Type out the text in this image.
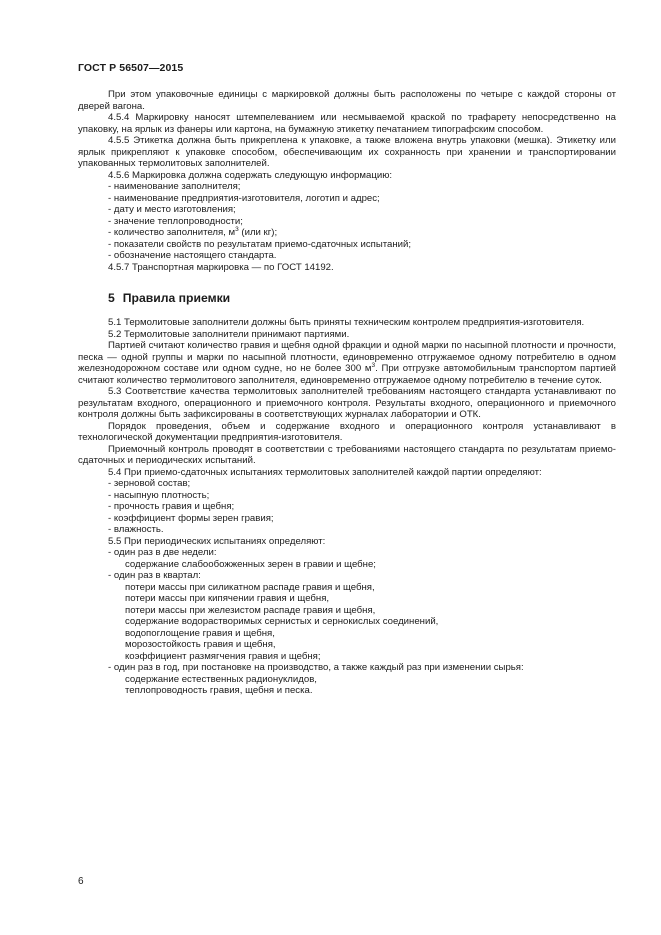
ГОСТ Р 56507—2015

При этом упаковочные единицы с маркировкой должны быть расположены по четыре с каждой стороны от дверей вагона.

4.5.4 Маркировку наносят штемпелеванием или несмываемой краской по трафарету непосредственно на упаковку, на ярлык из фанеры или картона, на бумажную этикетку печатанием типографским способом.

4.5.5 Этикетка должна быть прикреплена к упаковке, а также вложена внутрь упаковки (мешка). Этикетку или ярлык прикрепляют к упаковке способом, обеспечивающим их сохранность при хранении и транспортировании упакованных термолитовых заполнителей.

4.5.6 Маркировка должна содержать следующую информацию:

- наименование заполнителя;

- наименование предприятия-изготовителя, логотип и адрес;

- дату и место изготовления;

- значение теплопроводности;

- количество заполнителя, $м^3$ (или кг);

- показатели свойств по результатам приемо-сдаточных испытаний;

- обозначение настоящего стандарта.

4.5.7 Транспортная маркировка — по ГОСТ 14192.

5 Правила приемки

5.1 Термолитовые заполнители должны быть приняты техническим контролем предприятия-изготовителя.

5.2 Термолитовые заполнители принимают партиями.

Партией считают количество гравия и щебня одной фракции и одной марки по насыпной плотности и прочности, песка — одной группы и марки по насыпной плотности, единовременно отгружаемое одному потребителю в одном железнодорожном составе или одном судне, но не более 300 $м^3$. При отгрузке автомобильным транспортом партией считают количество термолитового заполнителя, единовременно отгружаемое одному потребителю в течение суток.

5.3 Соответствие качества термолитовых заполнителей требованиям настоящего стандарта устанавливают по результатам входного, операционного и приемочного контроля. Результаты входного, операционного и приемочного контроля должны быть зафиксированы в соответствующих журналах лаборатории и ОТК.

Порядок проведения, объем и содержание входного и операционного контроля устанавливают в технологической документации предприятия-изготовителя.

Приемочный контроль проводят в соответствии с требованиями настоящего стандарта по результатам приемо-сдаточных и периодических испытаний.

5.4 При приемо-сдаточных испытаниях термолитовых заполнителей каждой партии определяют:

- зерновой состав;

- насыпную плотность;

- прочность гравия и щебня;

- коэффициент формы зерен гравия;

- влажность.

5.5 При периодических испытаниях определяют:

- один раз в две недели:

содержание слабообожженных зерен в гравии и щебне;

- один раз в квартал:

потери массы при силикатном распаде гравия и щебня,

потери массы при кипячении гравия и щебня,

потери массы при железистом распаде гравия и щебня,

содержание водорастворимых сернистых и сернокислых соединений,

водопоглощение гравия и щебня,

морозостойкость гравия и щебня,

коэффициент размягчения гравия и щебня;

- один раз в год, при постановке на производство, а также каждый раз при изменении сырья:

содержание естественных радионуклидов,

теплопроводность гравия, щебня и песка.

6
